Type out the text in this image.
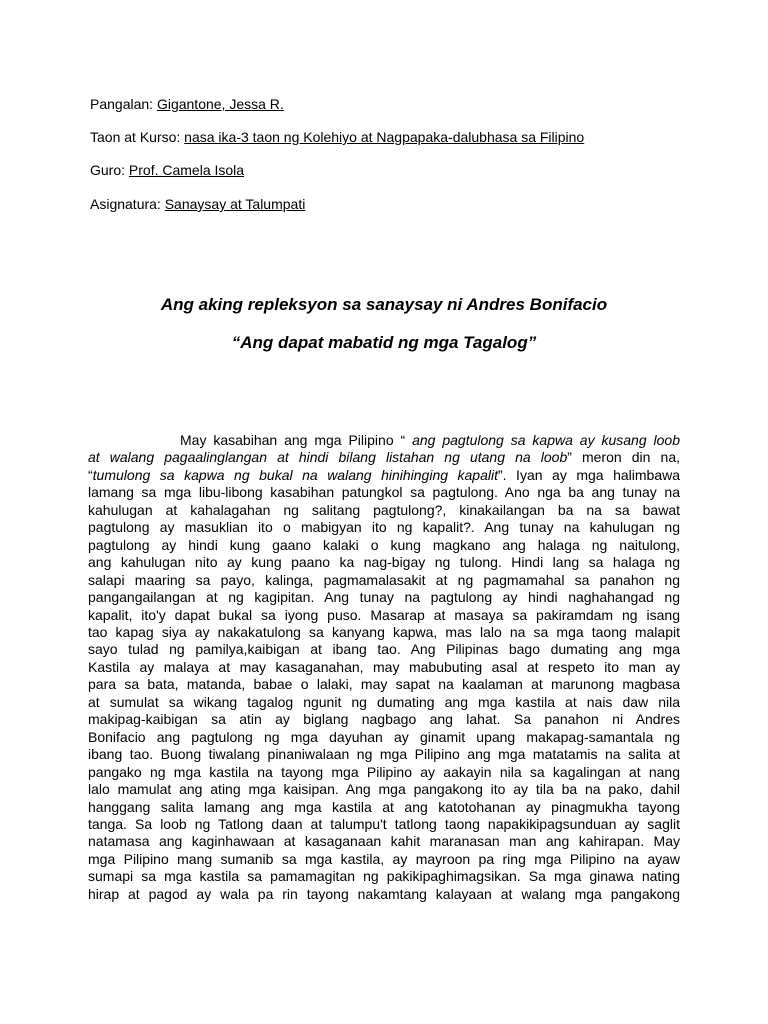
Pangalan: Gigantone, Jessa R.
Taon at Kurso: nasa ika-3 taon ng Kolehiyo at Nagpapaka-dalubhasa sa Filipino
Guro: Prof. Camela Isola
Asignatura: Sanaysay at Talumpati
Ang aking repleksyon sa sanaysay ni Andres Bonifacio
“Ang dapat mabatid ng mga Tagalog”
May kasabihan ang mga Pilipino “ ang pagtulong sa kapwa ay kusang loob
at walang pagaalinglangan at hindi bilang listahan ng utang na loob” meron din na,
“tumulong sa kapwa ng bukal na walang hinihinging kapalit”. Iyan ay mga halimbawa
lamang sa mga libu-libong kasabihan patungkol sa pagtulong. Ano nga ba ang tunay na
kahulugan at kahalagahan ng salitang pagtulong?, kinakailangan ba na sa bawat
pagtulong ay masuklian ito o mabigyan ito ng kapalit?. Ang tunay na kahulugan ng
pagtulong ay hindi kung gaano kalaki o kung magkano ang halaga ng naitulong,
ang kahulugan nito ay kung paano ka nag-bigay ng tulong. Hindi lang sa halaga ng
salapi maaring sa payo, kalinga, pagmamalasakit at ng pagmamahal sa panahon ng
pangangailangan at ng kagipitan. Ang tunay na pagtulong ay hindi naghahangad ng
kapalit, ito'y dapat bukal sa iyong puso. Masarap at masaya sa pakiramdam ng isang
tao kapag siya ay nakakatulong sa kanyang kapwa, mas lalo na sa mga taong malapit
sayo tulad ng pamilya,kaibigan at ibang tao. Ang Pilipinas bago dumating ang mga
Kastila ay malaya at may kasaganahan, may mabubuting asal at respeto ito man ay
para sa bata, matanda, babae o lalaki, may sapat na kaalaman at marunong magbasa
at sumulat sa wikang tagalog ngunit ng dumating ang mga kastila at nais daw nila
makipag-kaibigan sa atin ay biglang nagbago ang lahat. Sa panahon ni Andres
Bonifacio ang pagtulong ng mga dayuhan ay ginamit upang makapag-samantala ng
ibang tao. Buong tiwalang pinaniwalaan ng mga Pilipino ang mga matatamis na salita at
pangako ng mga kastila na tayong mga Pilipino ay aakayin nila sa kagalingan at nang
lalo mamulat ang ating mga kaisipan. Ang mga pangakong ito ay tila ba na pako, dahil
hanggang salita lamang ang mga kastila at ang katotohanan ay pinagmukha tayong
tanga. Sa loob ng Tatlong daan at talumpu't tatlong taong napakikipagsunduan ay saglit
natamasa ang kaginhawaan at kasaganaan kahit maranasan man ang kahirapan. May
mga Pilipino mang sumanib sa mga kastila, ay mayroon pa ring mga Pilipino na ayaw
sumapi sa mga kastila sa pamamagitan ng pakikipaghimagsikan. Sa mga ginawa nating
hirap at pagod ay wala pa rin tayong nakamtang kalayaan at walang mga pangakong
